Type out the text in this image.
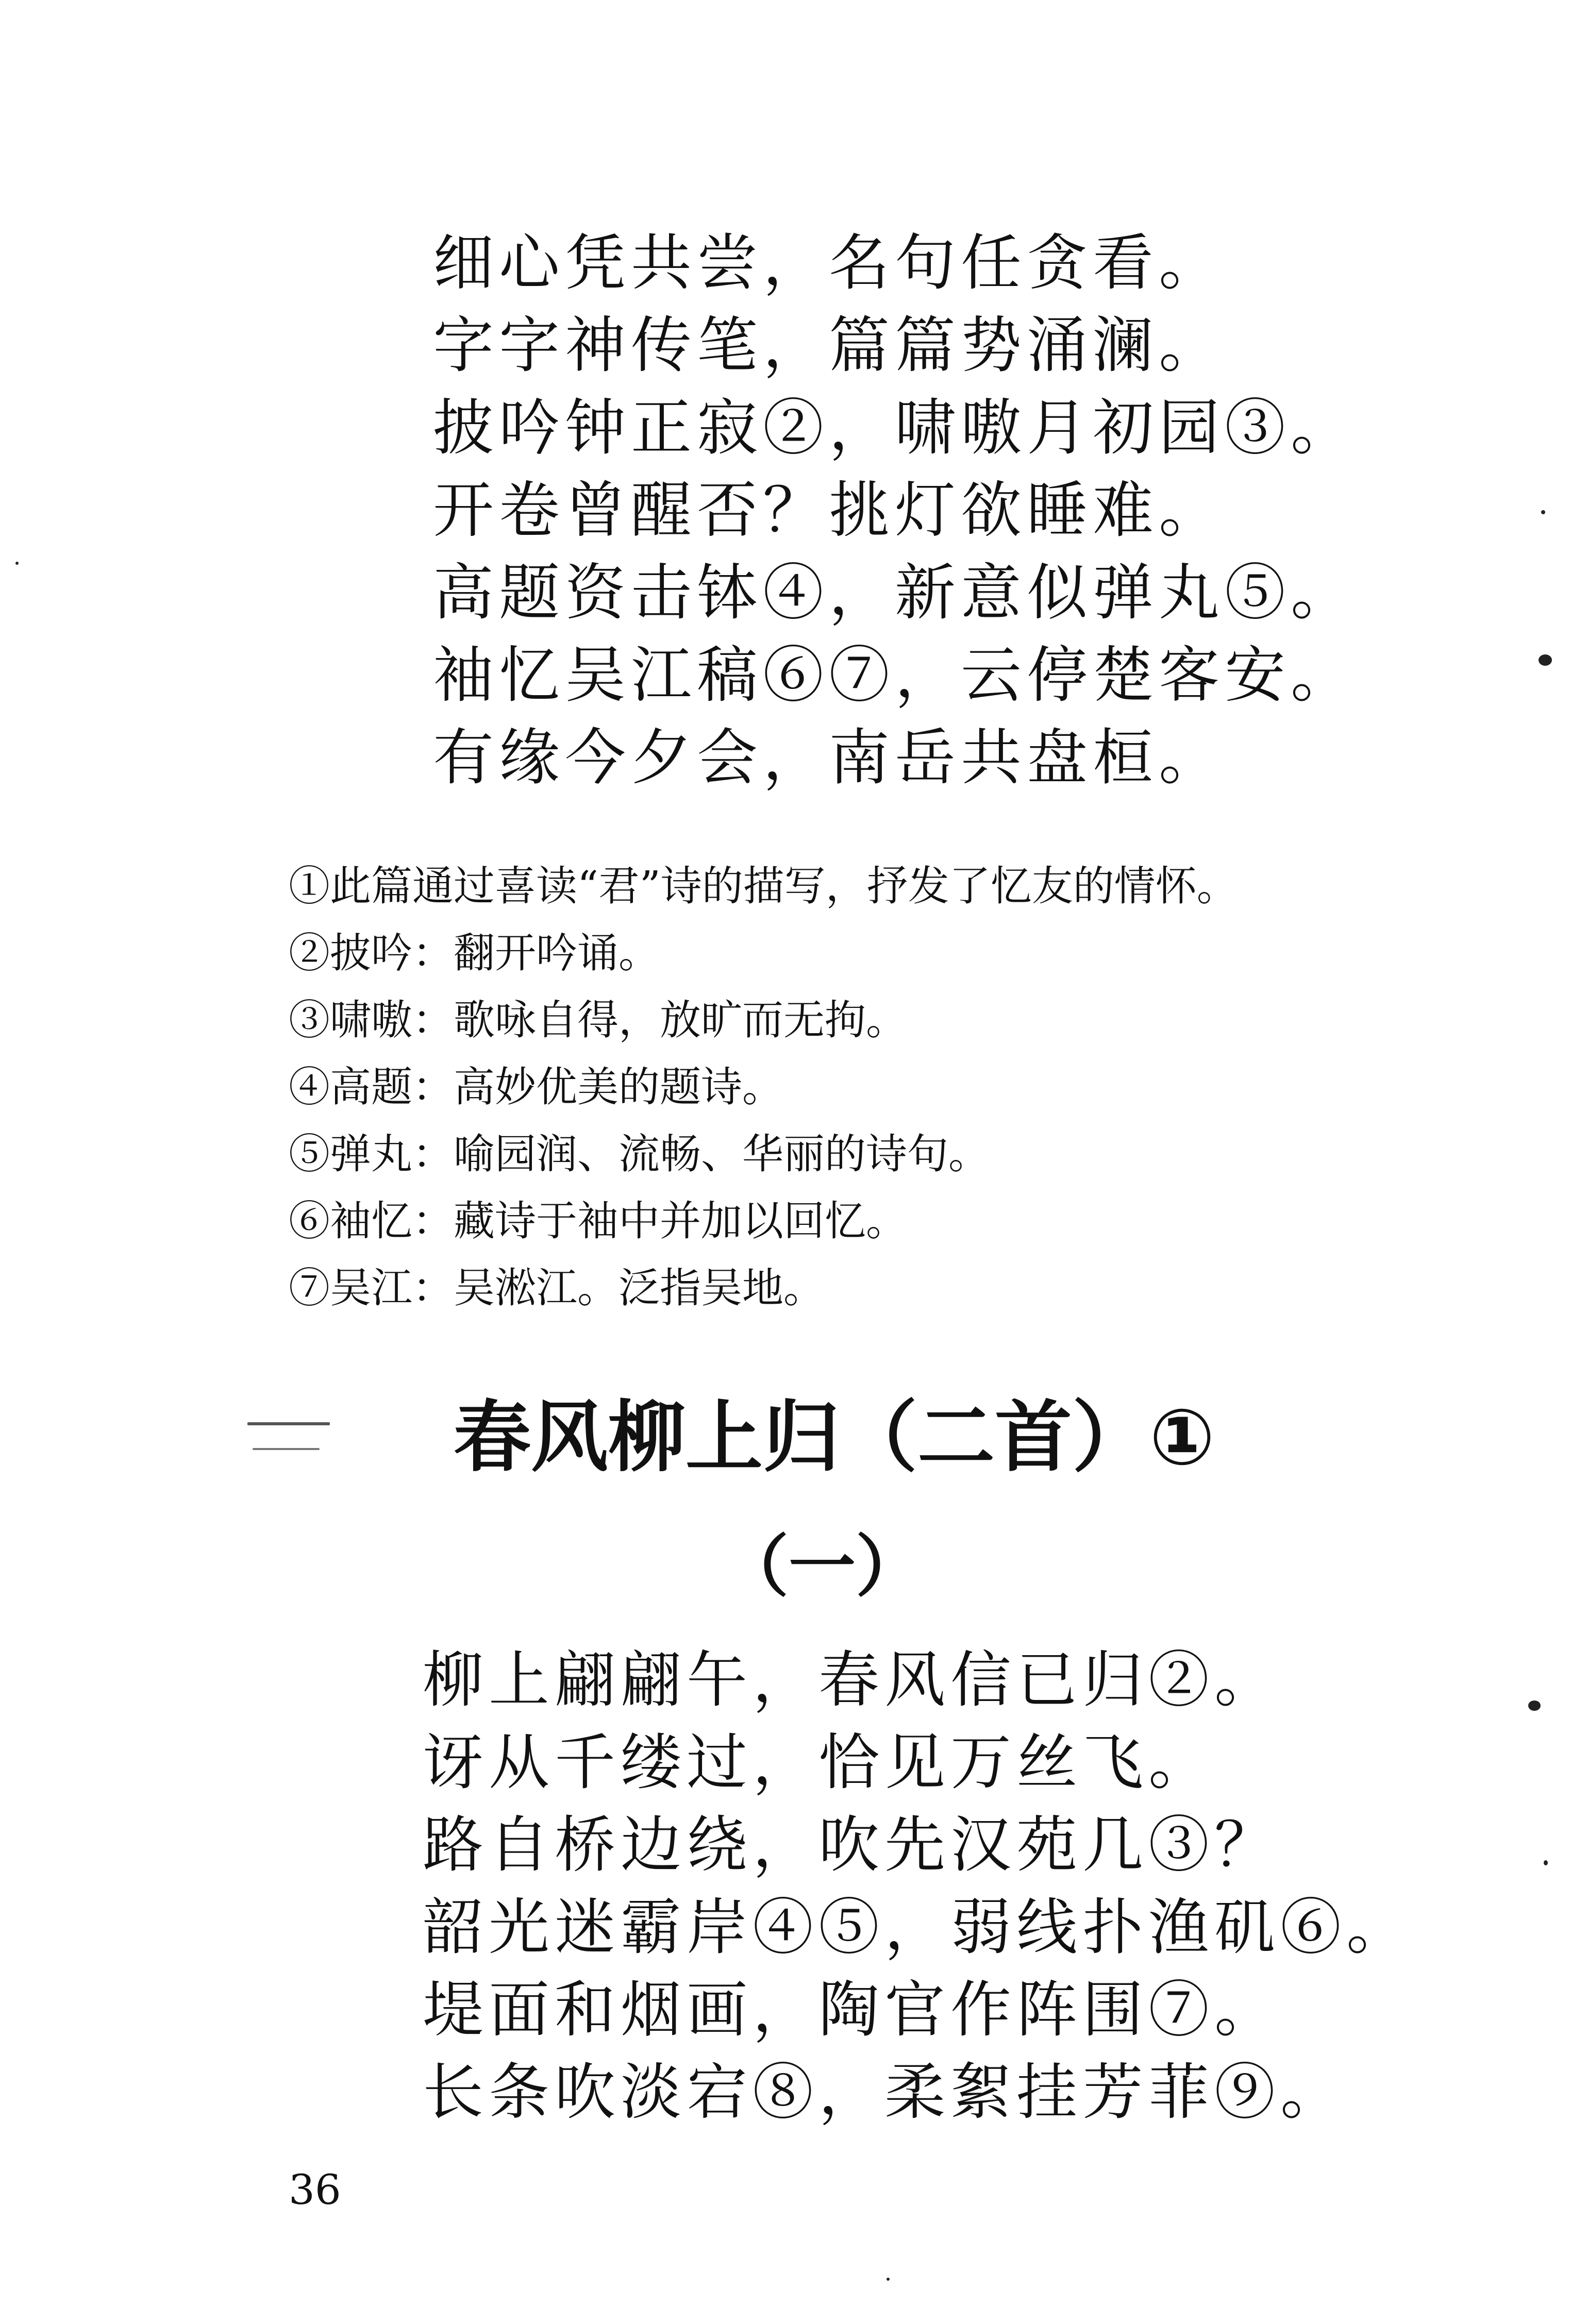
细心凭共尝，名句任贪看。
字字神传笔，篇篇势涌澜。
披吟钟正寂②，啸嗷月初园③。
开卷曾醒否？挑灯欲睡难。
高题资击钵④，新意似弹丸⑤。
袖忆吴江稿⑥⑦，云停楚客安。
有缘今夕会，南岳共盘桓。
①此篇通过喜读“君”诗的描写，抒发了忆友的情怀。
②披吟：翻开吟诵。
③啸嗷：歌咏自得，放旷而无拘。
④高题：高妙优美的题诗。
⑤弹丸：喻园润、流畅、华丽的诗句。
⑥袖忆：藏诗于袖中并加以回忆。
⑦吴江：吴淞江。泛指吴地。
春风柳上归（二首）①
（一）
柳上翩翩午，春风信已归②。
讶从千缕过，恰见万丝飞。
路自桥边绕，吹先汉苑几③？
韶光迷霸岸④⑤，弱线扑渔矶⑥。
堤面和烟画，陶官作阵围⑦。
长条吹淡宕⑧，柔絮挂芳菲⑨。
36
